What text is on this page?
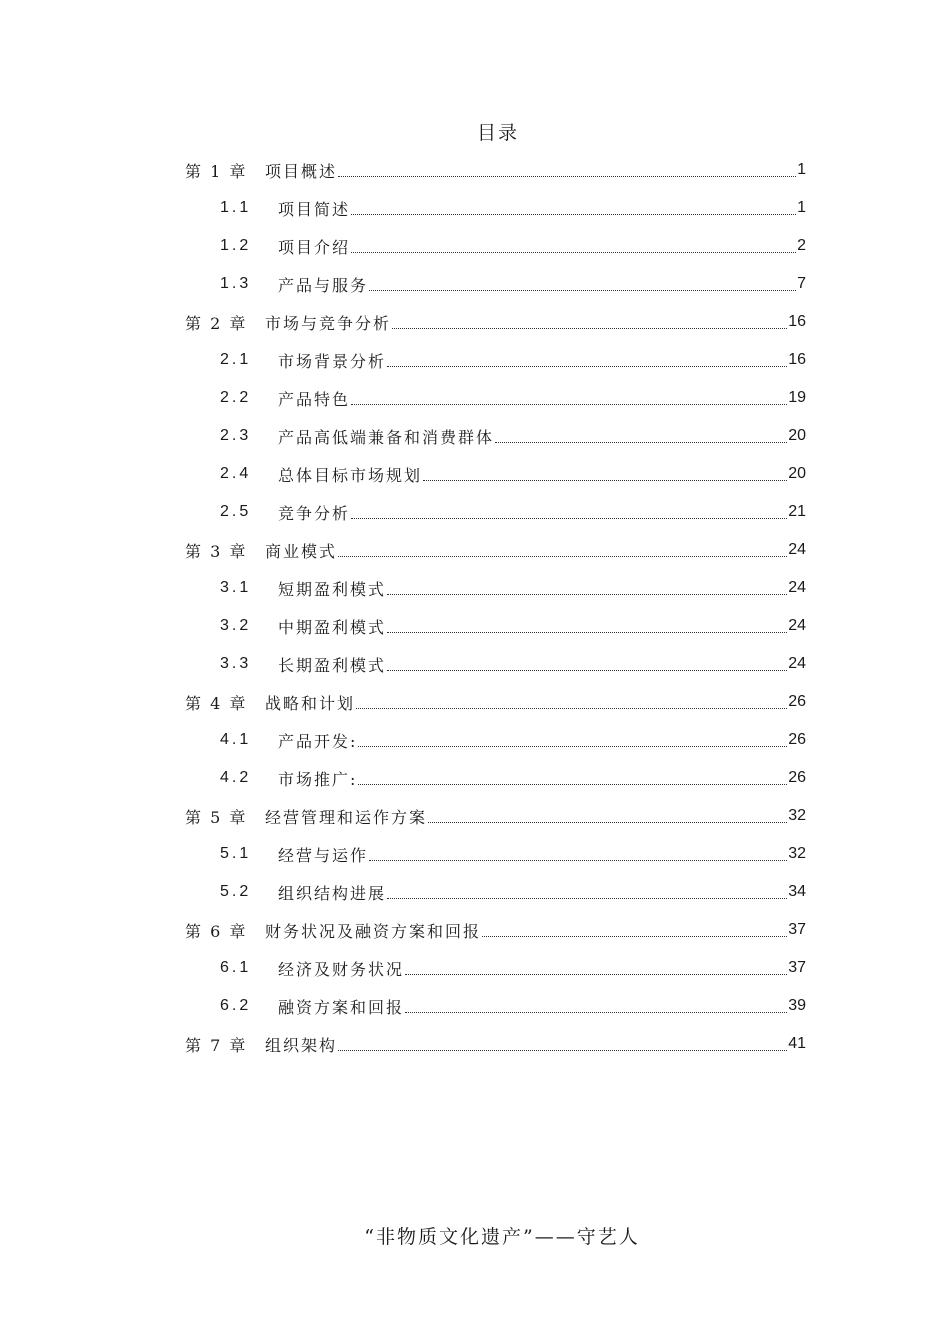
目录
第 1 章	项目概述	1
1.1	项目简述	1
1.2	项目介绍	2
1.3	产品与服务	7
第 2 章	市场与竞争分析	16
2.1	市场背景分析	16
2.2	产品特色	19
2.3	产品高低端兼备和消费群体	20
2.4	总体目标市场规划	20
2.5	竞争分析	21
第 3 章	商业模式	24
3.1	短期盈利模式	24
3.2	中期盈利模式	24
3.3	长期盈利模式	24
第 4 章	战略和计划	26
4.1	产品开发:	26
4.2	市场推广:	26
第 5 章	经营管理和运作方案	32
5.1	经营与运作	32
5.2	组织结构进展	34
第 6 章	财务状况及融资方案和回报	37
6.1	经济及财务状况	37
6.2	融资方案和回报	39
第 7 章	组织架构	41
“非物质文化遗产”——守艺人
